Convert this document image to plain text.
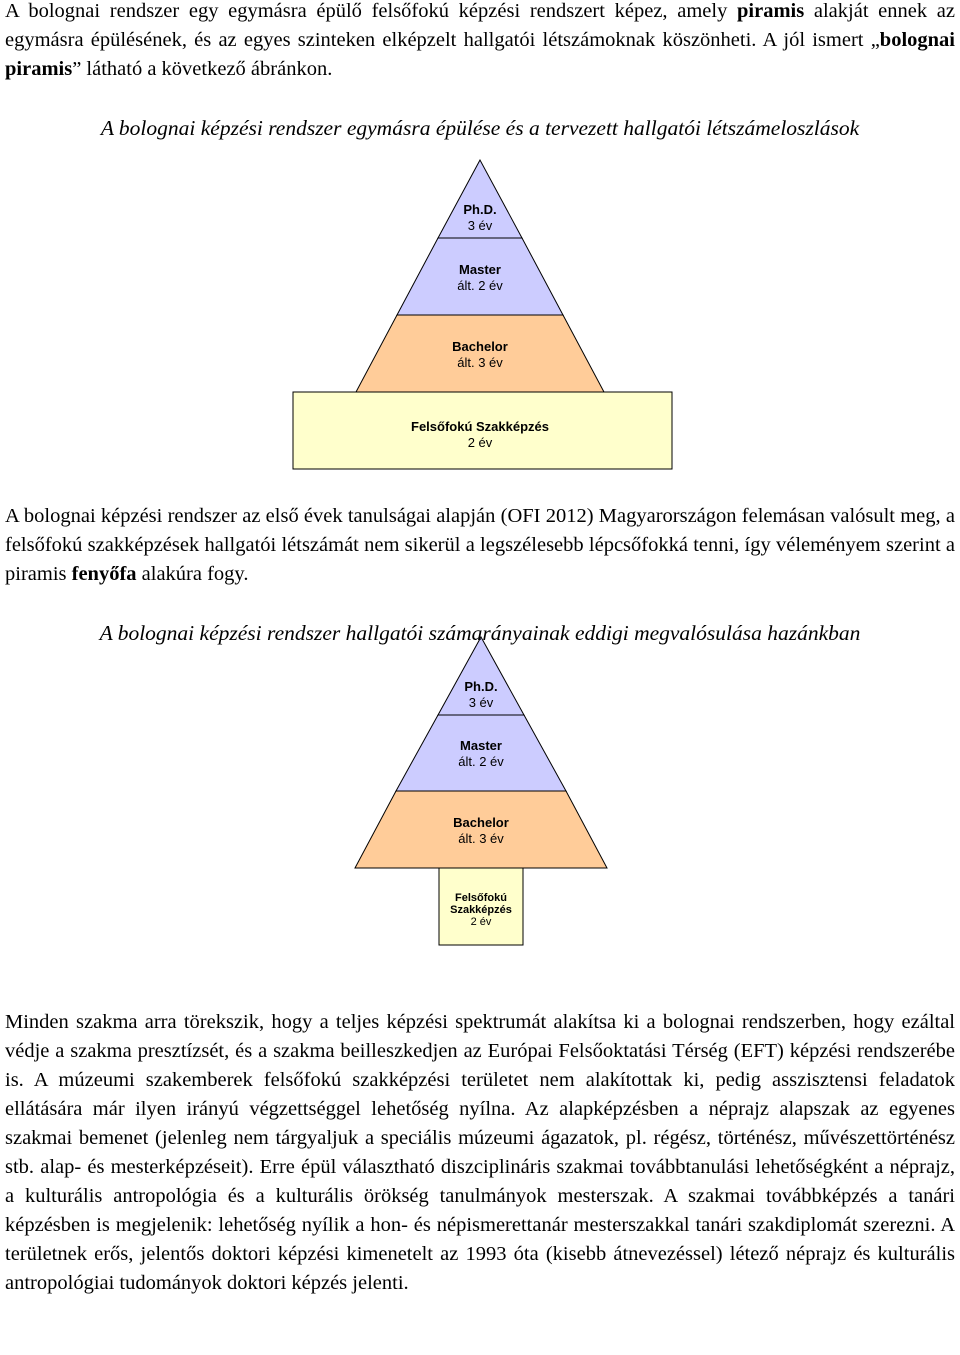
A bolognai rendszer egy egymásra épülő felsőfokú képzési rendszert képez, amely piramis alakját ennek az egymásra épülésének, és az egyes szinteken elképzelt hallgatói létszámoknak köszönheti. A jól ismert „bolognai piramis” látható a következő ábránkon.

A bolognai képzési rendszer egymásra épülése és a tervezett hallgatói létszámeloszlások

Ph.D.
3 év
Master
ált. 2 év
Bachelor
ált. 3 év
Felsőfokú Szakképzés
2 év
Ph.D.
3 év
Master
ált. 2 év
Bachelor
ált. 3 év
Felsőfokú
Szakképzés
2 év

A bolognai képzési rendszer az első évek tanulságai alapján (OFI 2012) Magyarországon felemásan valósult meg, a felsőfokú szakképzések hallgatói létszámát nem sikerül a legszélesebb lépcsőfokká tenni, így véleményem szerint a piramis fenyőfa alakúra fogy.

A bolognai képzési rendszer hallgatói számarányainak eddigi megvalósulása hazánkban

Minden szakma arra törekszik, hogy a teljes képzési spektrumát alakítsa ki a bolognai rendszerben, hogy ezáltal védje a szakma presztízsét, és a szakma beilleszkedjen az Európai Felsőoktatási Térség (EFT) képzési rendszerébe is. A múzeumi szakemberek felsőfokú szakképzési területet nem alakítottak ki, pedig asszisztensi feladatok ellátására már ilyen irányú végzettséggel lehetőség nyílna. Az alapképzésben a néprajz alapszak az egyenes szakmai bemenet (jelenleg nem tárgyaljuk a speciális múzeumi ágazatok, pl. régész, történész, művészettörténész stb. alap- és mesterképzéseit). Erre épül választható diszciplináris szakmai továbbtanulási lehetőségként a néprajz, a kulturális antropológia és a kulturális örökség tanulmányok mesterszak. A szakmai továbbképzés a tanári képzésben is megjelenik: lehetőség nyílik a hon- és népismerettanár mesterszakkal tanári szakdiplomát szerezni. A területnek erős, jelentős doktori képzési kimenetelt az 1993 óta (kisebb átnevezéssel) létező néprajz és kulturális antropológiai tudományok doktori képzés jelenti.
